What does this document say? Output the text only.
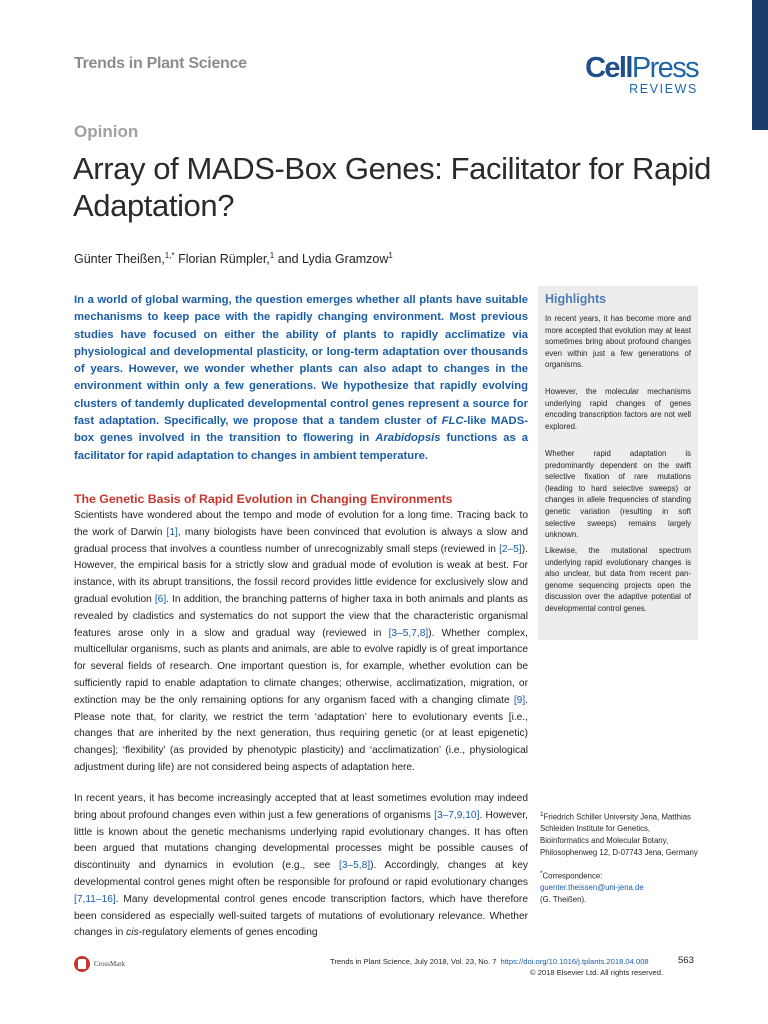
Trends in Plant Science	CellPress
REVIEWS
Opinion
Array of MADS-Box Genes: Facilitator for Rapid Adaptation?
Günter Theißen,$^{1,*}$ Florian Rümpler,$^1$ and Lydia Gramzow$^1$

In a world of global warming, the question emerges whether all plants have suitable mechanisms to keep pace with the rapidly changing environment. Most previous studies have focused on either the ability of plants to rapidly acclimatize via physiological and developmental plasticity, or long-term adaptation over thousands of years. However, we wonder whether plants can also adapt to changes in the environment within only a few generations. We hypothesize that rapidly evolving clusters of tandemly duplicated developmental control genes represent a source for fast adaptation. Specifically, we propose that a tandem cluster of FLC-like MADS-box genes involved in the transition to flowering in Arabidopsis functions as a facilitator for rapid adaptation to changes in ambient temperature.

The Genetic Basis of Rapid Evolution in Changing Environments

Scientists have wondered about the tempo and mode of evolution for a long time. Tracing back to the work of Darwin [1], many biologists have been convinced that evolution is always a slow and gradual process that involves a countless number of unrecognizably small steps (reviewed in [2–5]). However, the empirical basis for a strictly slow and gradual mode of evolution is weak at best. For instance, with its abrupt transitions, the fossil record provides little evidence for exclusively slow and gradual evolution [6]. In addition, the branching patterns of higher taxa in both animals and plants as revealed by cladistics and systematics do not support the view that the characteristic organismal features arose only in a slow and gradual way (reviewed in [3–5,7,8]). Whether complex, multicellular organisms, such as plants and animals, are able to evolve rapidly is of great importance for several fields of research. One important question is, for example, whether evolution can be sufficiently rapid to enable adaptation to climate changes; otherwise, acclimatization, migration, or extinction may be the only remaining options for any organism faced with a changing climate [9]. Please note that, for clarity, we restrict the term ‘adaptation’ here to evolutionary events [i.e., changes that are inherited by the next generation, thus requiring genetic (or at least epigenetic) changes]; ‘flexibility’ (as provided by phenotypic plasticity) and ‘acclimatization’ (i.e., physiological adjustment during life) are not considered being aspects of adaptation here.

In recent years, it has become increasingly accepted that at least sometimes evolution may indeed bring about profound changes even within just a few generations of organisms [3–7,9,10]. However, little is known about the genetic mechanisms underlying rapid evolutionary changes. It has often been argued that mutations changing developmental processes might be possible causes of discontinuity and dynamics in evolution (e.g., see [3–5,8]). Accordingly, changes at key developmental control genes might often be responsible for profound or rapid evolutionary changes [7,11–16]. Many developmental control genes encode transcription factors, which have therefore been considered as especially well-suited targets of mutations of evolutionary relevance. Whether changes in cis-regulatory elements of genes encoding

Highlights

In recent years, it has become more and more accepted that evolution may at least sometimes bring about profound changes even within just a few generations of organisms.

However, the molecular mechanisms underlying rapid changes of genes encoding transcription factors are not well explored.

Whether rapid adaptation is predominantly dependent on the swift selective fixation of rare mutations (leading to hard selective sweeps) or changes in allele frequencies of standing genetic variation (resulting in soft selective sweeps) remains largely unknown.

Likewise, the mutational spectrum underlying rapid evolutionary changes is also unclear, but data from recent pan-genome sequencing projects open the discussion over the adaptive potential of developmental control genes.

$^1$Friedrich Schiller University Jena, Matthias Schleiden Institute for Genetics, Bioinformatics and Molecular Botany, Philosophenweg 12, D-07743 Jena, Germany

*Correspondence:
guenter.theissen@uni-jena.de
(G. Theißen).

CrossMark	Trends in Plant Science, July 2018, Vol. 23, No. 7 https://doi.org/10.1016/j.tplants.2018.04.008	563
© 2018 Elsevier Ltd. All rights reserved.
